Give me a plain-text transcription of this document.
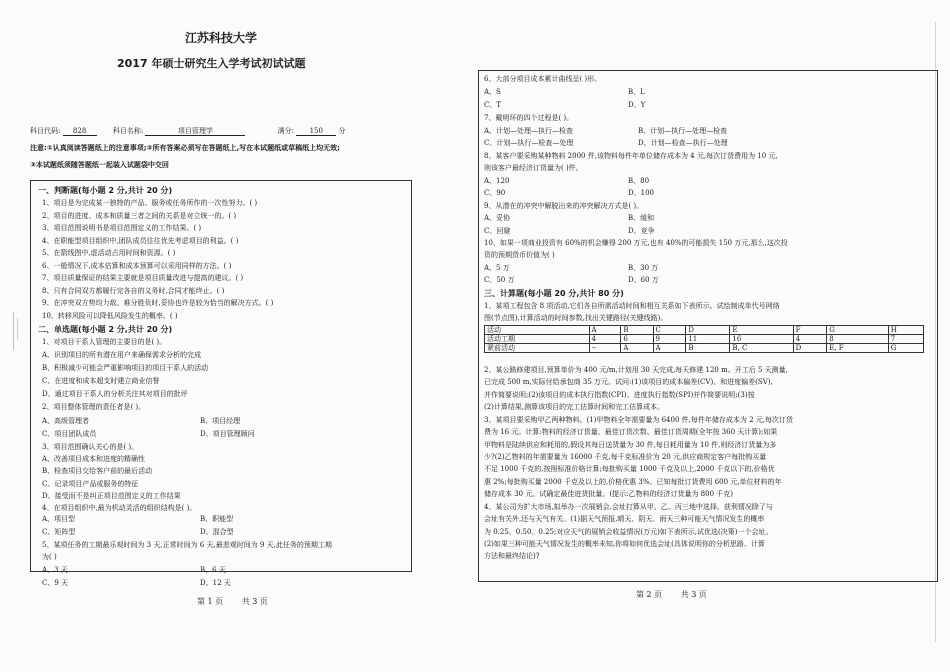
江苏科技大学
2017 年硕士研究生入学考试初试试题
科目代码: 828	科目名称:	项目管理学	满分: 150 分
注意:①认真阅读答题纸上的注意事项;②所有答案必须写在答题纸上,写在本试题纸或草稿纸上均无效;
③本试题纸须随答题纸一起装入试题袋中交回
一、判断题(每小题 2 分,共计 20 分)
1、项目是为完成某一独特的产品、服务或任务所作的一次性努力。( )
2、项目的进度、成本和质量三者之间的关系是对立统一的。( )
3、项目范围说明书是项目范围定义的工作结果。( )
4、在职能型项目组织中,团队成员往往优先考虑项目的利益。( )
5、在箭线图中,虚活动占用时间和资源。( )
6、一般情况下,成本估算和成本预算可以采用同样的方法。( )
7、项目质量保证的结果主要就是项目质量改进与提高的建议。( )
8、只有合同双方都履行完各自的义务时,合同才能终止。( )
9、在冲突双方势均力敌、难分胜负时,妥协也许是较为恰当的解决方式。( )
10、转移风险可以降低风险发生的概率。( )
二、单选题(每小题 2 分,共计 20 分)
1、对项目干系人管理的主要目的是( )。
A、识别项目的所有潜在用户来确保需求分析的完成
B、积极减少可能会严重影响项目的项目干系人的活动
C、在进度和成本超支时建立商业信誉
D、通过项目干系人的分析关注其对项目的批评
2、项目整体管理的责任者是( )。
A、高级管理者	B、项目经理
C、项目团队成员	D、项目管理顾问
3、项目范围确认关心的是( )。
A、改善项目成本和进度的精确性
B、检查项目交给客户前的最后活动
C、记录项目产品或服务的特征
D、接受而不是纠正项目范围定义的工作结果
4、在项目组织中,最为机动灵活的组织结构是( )。
A、项目型	B、职能型
C、矩阵型	D、混合型
5、某项任务的工期最乐观时间为 3 天,正常时间为 6 天,最悲观时间为 9 天,此任务的预期工期
为( )
A、3 天	B、6 天
C、9 天	D、12 天
第 1 页 共 3 页
6、大部分项目成本累计曲线呈( )形。
A、S	B、L
C、T	D、Y
7、戴明环的四个过程是( )。
A、计划—处理—执行—检查	B、计划—执行—处理—检查
C、计划—执行—检查—处理	D、计划—检查—执行—处理
8、某客户要采购某种物料 2000 件,该物料每件年单位储存成本为 4 元,每次订货费用为 10 元,
则该客户最经济订货量为( )件。
A、120	B、80
C、90	D、100
9、从潜在的冲突中解脱出来的冲突解决方式是( )。
A、妥协	B、缓和
C、回避	D、竞争
10、如果一项商业投资有 60%的机会赚得 200 万元,也有 40%的可能损失 150 万元,那么,这次投
资的预期货币价值为( )
A、5 万	B、30 万
C、50 万	D、60 万
三、计算题(每小题 20 分,共计 80 分)
1、某项工程包含 8 项活动,它们各自所需活动时间和相互关系如下表所示。试绘制成单代号网络
图(节点图),计算活动的时间参数,找出关键路径(关键线路)。
活动	A	B	C	D	E	F	G	H
活动工期	4	6	9	11	16	4	8	7
紧前活动	--	A	A	B	B, C	D	E, F	G
2、某公路修建项目,预算单价为 400 元/m,计划用 30 天完成,每天修建 120 m。开工后 5 天测量,
已完成 500 m,实际付给承包商 35 万元。试问:(1)该项目的成本偏差(CV)、和进度偏差(SV),
并作简要说明;(2)该项目的成本执行指数(CPI)、进度执行指数(SPI)并作简要说明;(3)按
(2)计算结果,测算该项目的完工估算时间和完工估算成本。
3、某项目要采购甲乙两种物料。(1)甲物料全年需要量为 6400 件,每件年储存成本为 2 元,每次订货
费为 16 元。计算:物料的经济订货量、最佳订货次数、最佳订货周期(全年按 360 天计算);如果
甲物料是陆续供应和耗用的,假设其每日送货量为 30 件,每日耗用量为 10 件,则经济订货量为多
少?(2)乙物料的年需要量为 16000 千克,每千克标准价为 20 元,供应商规定客户每批购买量
不足 1000 千克的,按照标准价格计算;每批购买量 1000 千克及以上,2000 千克以下的,价格优
惠 2%;每批购买量 2000 千克及以上的,价格优惠 3%。已知每批订货费用 600 元,单位材料的年
储存成本 30 元。试确定最佳进货批量。(提示:乙物料的经济订货量为 800 千克)
4、某公司为扩大市场,拟举办一次展销会,会址打算从甲、乙、丙三地中选择。获利情况除了与
会址有关外,还与天气有关。(1)据天气预报,晴天、阴天、雨天三种可能天气情况发生的概率
为 0.25、0.50、0.25;对应天气的展销会收益情况(万元)如下表所示,试优选(决策)一个会址。
(2)如果三种可能天气情况发生的概率未知,你将如何优选会址(具体说明你的分析思路、计算
方法和最终结论)?
第 2 页 共 3 页
